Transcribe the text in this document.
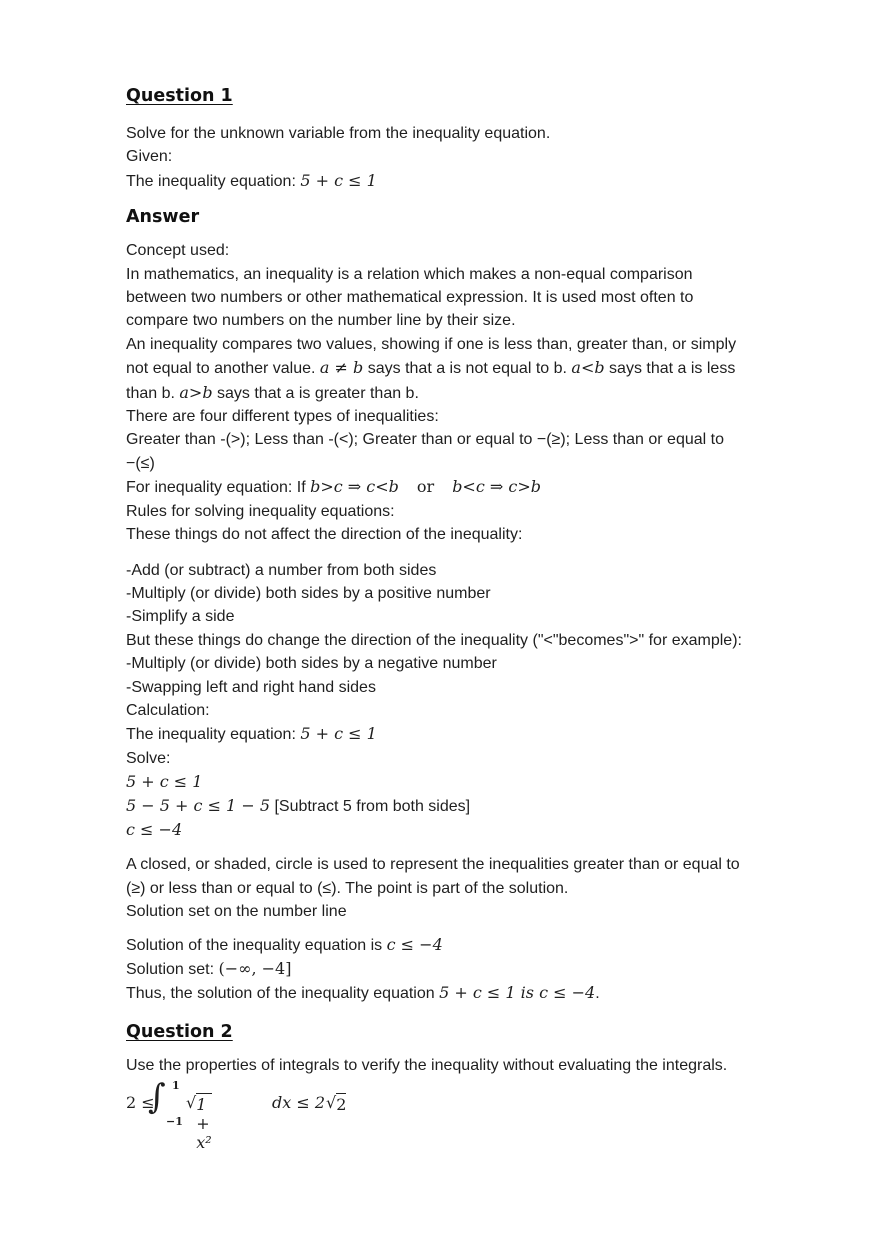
Question 1
Solve for the unknown variable from the inequality equation.
Given:
The inequality equation: 5 + c ≤ 1
Answer
Concept used:
In mathematics, an inequality is a relation which makes a non-equal comparison
between two numbers or other mathematical expression. It is used most often to
compare two numbers on the number line by their size.
An inequality compares two values, showing if one is less than, greater than, or simply
not equal to another value. a ≠ b says that a is not equal to b. a<b says that a is less
than b. a>b says that a is greater than b.
There are four different types of inequalities:
Greater than -(>); Less than -(<); Greater than or equal to −(≥); Less than or equal to
−(≤)
For inequality equation: If b>c ⇒ c<b or b<c ⇒ c>b
Rules for solving inequality equations:
These things do not affect the direction of the inequality:
-Add (or subtract) a number from both sides
-Multiply (or divide) both sides by a positive number
-Simplify a side
But these things do change the direction of the inequality ("<"becomes">" for example):
-Multiply (or divide) both sides by a negative number
-Swapping left and right hand sides
Calculation:
The inequality equation: 5 + c ≤ 1
Solve:
5 + c ≤ 1
5 − 5 + c ≤ 1 − 5 [Subtract 5 from both sides]
c ≤ −4
A closed, or shaded, circle is used to represent the inequalities greater than or equal to
(≥) or less than or equal to (≤). The point is part of the solution.
Solution set on the number line
Solution of the inequality equation is c ≤ −4
Solution set: (−∞, −4]
Thus, the solution of the inequality equation 5 + c ≤ 1 is c ≤ −4.
Question 2
Use the properties of integrals to verify the inequality without evaluating the integrals.
2 ≤
∫ 1
−1
√ 1 + x²
dx ≤ 2 √ 2
